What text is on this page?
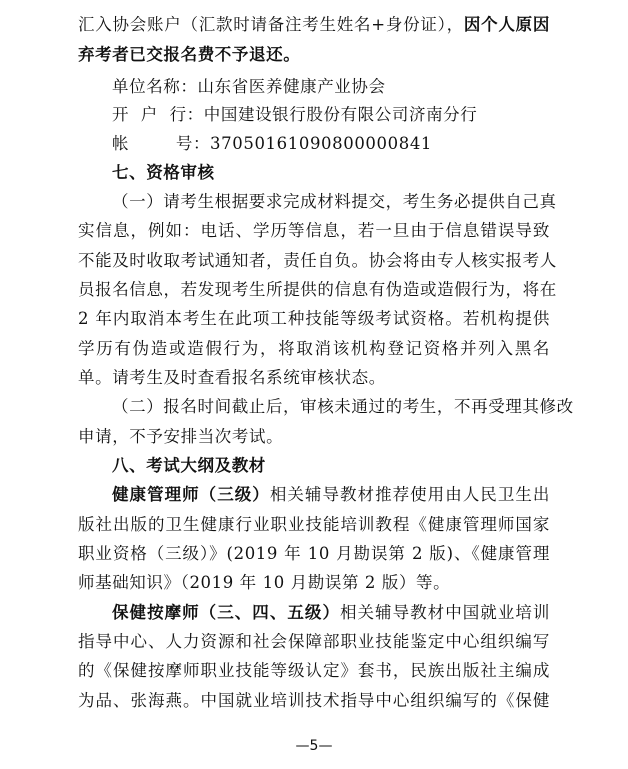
汇入协会账户（汇款时请备注考生姓名+身份证），因个人原因
弃考者已交报名费不予退还。
单位名称：山东省医养健康产业协会
开  户  行：中国建设银行股份有限公司济南分行
帐        号：37050161090800000841
七、资格审核
（一）请考生根据要求完成材料提交，考生务必提供自己真
实信息，例如：电话、学历等信息，若一旦由于信息错误导致
不能及时收取考试通知者，责任自负。协会将由专人核实报考人
员报名信息，若发现考生所提供的信息有伪造或造假行为，将在
2 年内取消本考生在此项工种技能等级考试资格。若机构提供
学历有伪造或造假行为，将取消该机构登记资格并列入黑名
单。请考生及时查看报名系统审核状态。
（二）报名时间截止后，审核未通过的考生，不再受理其修改
申请，不予安排当次考试。
八、考试大纲及教材
健康管理师（三级）相关辅导教材推荐使用由人民卫生出
版社出版的卫生健康行业职业技能培训教程《健康管理师国家
职业资格（三级）》(2019 年 10 月勘误第 2 版)、《健康管理
师基础知识》（2019 年 10 月勘误第 2 版）等。
保健按摩师（三、四、五级）相关辅导教材中国就业培训
指导中心、人力资源和社会保障部职业技能鉴定中心组织编写
的《保健按摩师职业技能等级认定》套书，民族出版社主编成
为品、张海燕。中国就业培训技术指导中心组织编写的《保健
—5—
